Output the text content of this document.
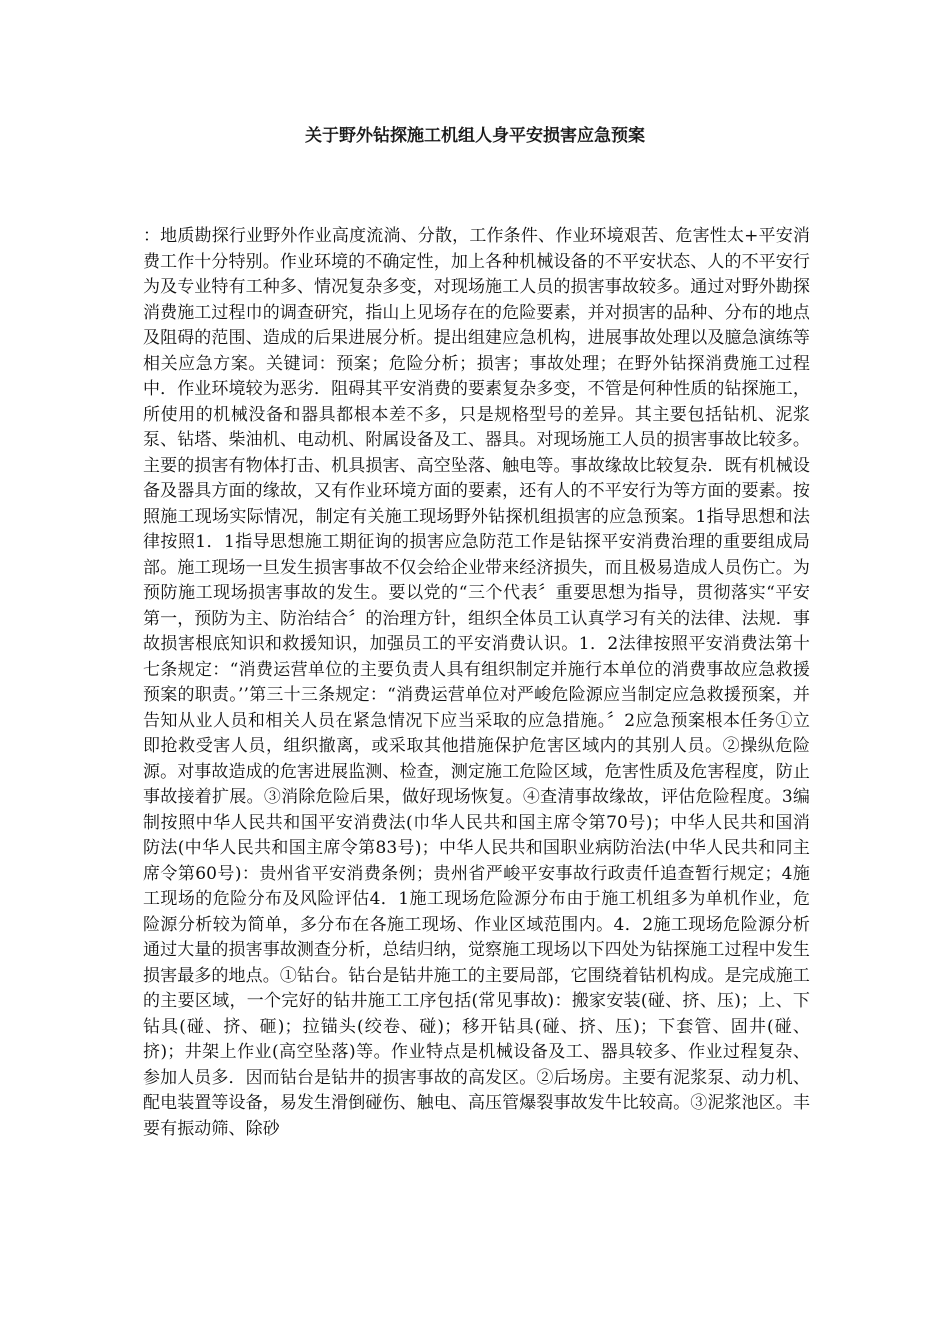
关于野外钻探施工机组人身平安损害应急预案

：地质勘探行业野外作业高度流淌、分散，工作条件、作业环境艰苦、危害性太+平安消费工作十分特别。作业环境的不确定性，加上各种机械设备的不平安状态、人的不平安行为及专业特有工种多、情况复杂多变，对现场施工人员的损害事故较多。通过对野外勘探消费施工过程巾的调查研究，指山上见场存在的危险要素，并对损害的品种、分布的地点及阻碍的范围、造成的后果进展分析。提出组建应急机构，进展事故处理以及臆急演练等相关应急方案。关键词：预案；危险分析；损害；事故处理；在野外钻探消费施工过程中．作业环境较为恶劣．阻碍其平安消费的要素复杂多变，不管是何种性质的钻探施工，所使用的机械没备和器具都根本差不多，只是规格型号的差异。其主要包括钻机、泥浆泵、钻塔、柴油机、电动机、附属设备及工、器具。对现场施工人员的损害事故比较多。主要的损害有物体打击、机具损害、高空坠落、触电等。事故缘故比较复杂．既有机械设备及器具方面的缘故，又有作业环境方面的要素，还有人的不平安行为等方面的要素。按照施工现场实际情况，制定有关施工现场野外钻探机组损害的应急预案。1指导思想和法律按照1．1指导思想施工期征询的损害应急防范工作是钻探平安消费治理的重要组成局部。施工现场一旦发生损害事故不仅会给企业带来经济损失，而且极易造成人员伤亡。为预防施工现场损害事故的发生。要以党的“三个代表〞重要思想为指导，贯彻落实“平安第一，预防为主、防治结合〞的治理方针，组织全体员工认真学习有关的法律、法规．事故损害根底知识和救援知识，加强员工的平安消费认识。1．2法律按照平安消费法第十七条规定：“消费运营单位的主要负责人具有组织制定并施行本单位的消费事故应急救援预案的职责。’’第三十三条规定：“消费运营单位对严峻危险源应当制定应急救援预案，并告知从业人员和相关人员在紧急情况下应当采取的应急措施。〞2应急预案根本任务①立即抢救受害人员，组织撤离，或采取其他措施保护危害区域内的其别人员。②操纵危险源。对事故造成的危害进展监测、检查，测定施工危险区域，危害性质及危害程度，防止事故接着扩展。③消除危险后果，做好现场恢复。④查清事故缘故，评估危险程度。3编制按照中华人民共和国平安消费法(巾华人民共和国主席令第70号)；中华人民共和国消防法(中华人民共和国主席令第83号)；中华人民共和国职业病防治法(中华人民共和同主席令第60号)：贵州省平安消费条例；贵州省严峻平安事故行政责仟追查暂行规定；4施工现场的危险分布及风险评估4．1施工现场危险源分布由于施工机组多为单机作业，危险源分析较为简单，多分布在各施工现场、作业区域范围内。4．2施工现场危险源分析通过大量的损害事故测查分析，总结归纳，觉察施工现场以下四处为钻探施工过程中发生损害最多的地点。①钻台。钻台是钻井施工的主要局部，它围绕着钻机构成。是完成施工的主要区域，一个完好的钻井施工工序包括(常见事故)：搬家安装(碰、挤、压)；上、下钻具(碰、挤、砸)；拉锚头(绞卷、碰)；移开钻具(碰、挤、压)；下套管、固井(碰、挤)；井架上作业(高空坠落)等。作业特点是机械设备及工、器具较多、作业过程复杂、参加人员多．因而钻台是钻井的损害事故的高发区。②后场房。主要有泥浆泵、动力机、配电装置等设备，易发生滑倒碰伤、触电、高压管爆裂事故发牛比较高。③泥浆池区。丰要有振动筛、除砂
